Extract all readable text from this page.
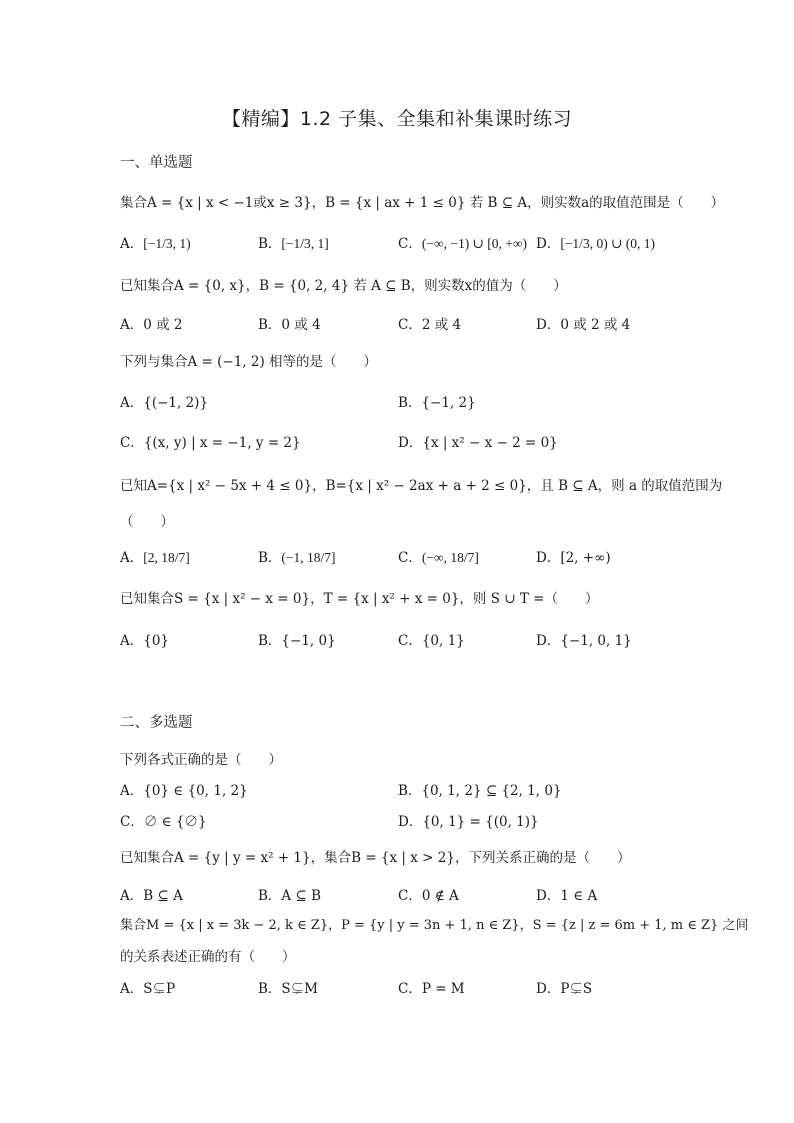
【精编】1.2 子集、全集和补集课时练习
一、单选题
集合A = {x | x < −1或x ≥ 3}，B = {x | ax + 1 ≤ 0} 若 B ⊆ A，则实数a的取值范围是（　　）
A．[−1/3, 1)	B．[−1/3, 1]	C．(−∞, −1) ∪ [0, +∞) D．[−1/3, 0) ∪ (0, 1)
已知集合A = {0, x}，B = {0, 2, 4} 若 A ⊆ B，则实数x的值为（　　）
A．0 或 2	B．0 或 4	C．2 或 4	D．0 或 2 或 4
下列与集合A = (−1, 2) 相等的是（　　）
A．{(−1, 2)}	B．{−1, 2}
C．{(x, y) | x = −1, y = 2}	D．{x | x² − x − 2 = 0}
已知A={x | x² − 5x + 4 ≤ 0}，B={x | x² − 2ax + a + 2 ≤ 0}，且 B ⊆ A，则 a 的取值范围为
（　　）
A．[2, 18/7]	B．(−1, 18/7]	C．(−∞, 18/7]	D．[2, +∞)
已知集合S = {x | x² − x = 0}，T = {x | x² + x = 0}，则 S ∪ T =（　　）
A．{0}	B．{−1, 0}	C．{0, 1}	D．{−1, 0, 1}
二、多选题
下列各式正确的是（　　）
A．{0} ∈ {0, 1, 2}	B．{0, 1, 2} ⊆ {2, 1, 0}
C．∅ ∈ {∅}	D．{0, 1} = {(0, 1)}
已知集合A = {y | y = x² + 1}，集合B = {x | x > 2}，下列关系正确的是（　　）
A．B ⊆ A	B．A ⊆ B	C．0 ∉ A	D．1 ∈ A
集合M = {x | x = 3k − 2, k ∈ Z}，P = {y | y = 3n + 1, n ∈ Z}，S = {z | z = 6m + 1, m ∈ Z} 之间
的关系表述正确的有（　　）
A．S⊊P	B．S⊊M	C．P = M	D．P⊊S
